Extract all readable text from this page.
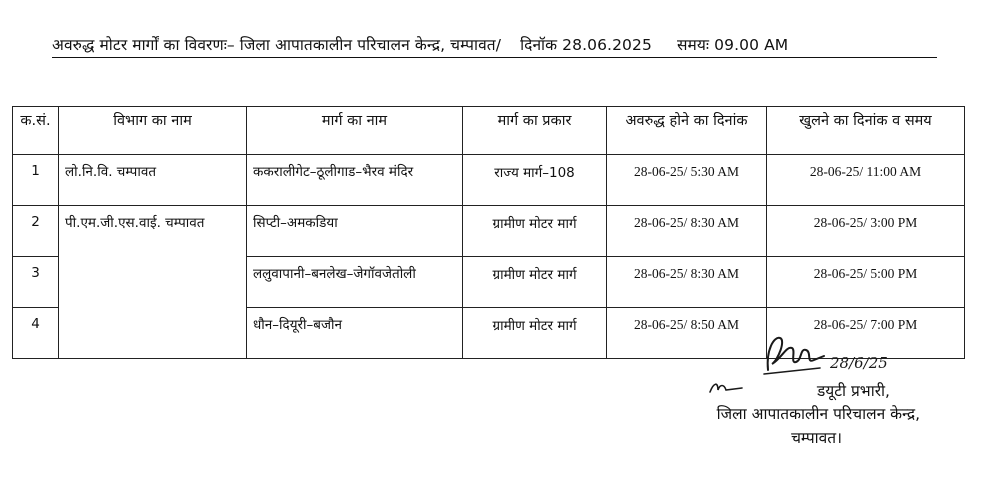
अवरुद्ध मोटर मार्गों का विवरणः– जिला आपातकालीन परिचालन केन्द्र, चम्पावत/ दिनॉक 28.06.2025 समयः 09.00 AM
क.सं.	विभाग का नाम	मार्ग का नाम	मार्ग का प्रकार	अवरुद्ध होने का दिनांक	खुलने का दिनांक व समय
1	लो.नि.वि. चम्पावत	ककरालीगेट–ठूलीगाड–भैरव मंदिर	राज्य मार्ग–108	28-06-25/ 5:30 AM	28-06-25/ 11:00 AM
2	पी.एम.जी.एस.वाई. चम्पावत	सिप्टी–अमकडिया	ग्रामीण मोटर मार्ग	28-06-25/ 8:30 AM	28-06-25/ 3:00 PM
3		ललुवापानी–बनलेख–जेगॉवजेतोली	ग्रामीण मोटर मार्ग	28-06-25/ 8:30 AM	28-06-25/ 5:00 PM
4		धौन–दियूरी–बजौन	ग्रामीण मोटर मार्ग	28-06-25/ 8:50 AM	28-06-25/ 7:00 PM
28/6/25
डयूटी प्रभारी,
जिला आपातकालीन परिचालन केन्द्र,
चम्पावत।
